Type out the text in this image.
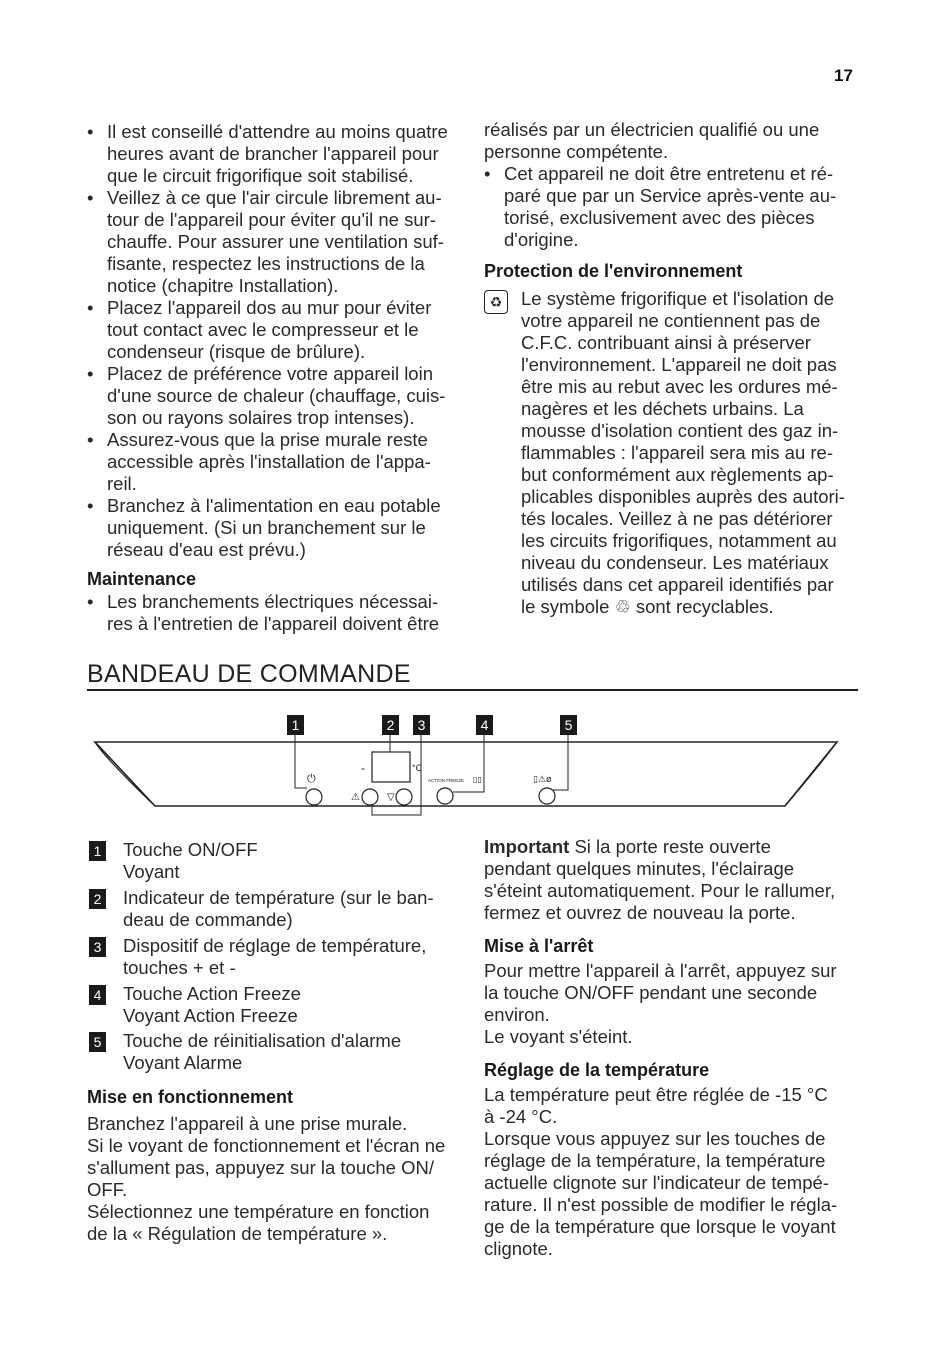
17
• Il est conseillé d'attendre au moins quatre
heures avant de brancher l'appareil pour
que le circuit frigorifique soit stabilisé.
• Veillez à ce que l'air circule librement au-
tour de l'appareil pour éviter qu'il ne sur-
chauffe. Pour assurer une ventilation suf-
fisante, respectez les instructions de la
notice (chapitre Installation).
• Placez l'appareil dos au mur pour éviter
tout contact avec le compresseur et le
condenseur (risque de brûlure).
• Placez de préférence votre appareil loin
d'une source de chaleur (chauffage, cuis-
son ou rayons solaires trop intenses).
• Assurez-vous que la prise murale reste
accessible après l'installation de l'appa-
reil.
• Branchez à l'alimentation en eau potable
uniquement. (Si un branchement sur le
réseau d'eau est prévu.)
Maintenance
• Les branchements électriques nécessai-
res à l'entretien de l'appareil doivent être
réalisés par un électricien qualifié ou une
personne compétente.
• Cet appareil ne doit être entretenu et ré-
paré que par un Service après-vente au-
torisé, exclusivement avec des pièces
d'origine.
Protection de l'environnement
♻	Le système frigorifique et l'isolation de
votre appareil ne contiennent pas de
C.F.C. contribuant ainsi à préserver
l'environnement. L'appareil ne doit pas
être mis au rebut avec les ordures mé-
nagères et les déchets urbains. La
mousse d'isolation contient des gaz in-
flammables : l'appareil sera mis au re-
but conformément aux règlements ap-
plicables disponibles auprès des autori-
tés locales. Veillez à ne pas détériorer
les circuits frigorifiques, notamment au
niveau du condenseur. Les matériaux
utilisés dans cet appareil identifiés par
le symbole ♲ sont recyclables.
BANDEAU DE COMMANDE
1	2 3	4	5
⏻
-	°C
⚠	▽
ACTION FREEZE ▯▯	▯⚠ø
1 Touche ON/OFF
Voyant
2 Indicateur de température (sur le ban-
deau de commande)
3 Dispositif de réglage de température,
touches + et -
4 Touche Action Freeze
Voyant Action Freeze
5 Touche de réinitialisation d'alarme
Voyant Alarme
Mise en fonctionnement
Branchez l'appareil à une prise murale.
Si le voyant de fonctionnement et l'écran ne
s'allument pas, appuyez sur la touche ON/
OFF.
Sélectionnez une température en fonction
de la « Régulation de température ».
Important Si la porte reste ouverte
pendant quelques minutes, l'éclairage
s'éteint automatiquement. Pour le rallumer,
fermez et ouvrez de nouveau la porte.
Mise à l'arrêt
Pour mettre l'appareil à l'arrêt, appuyez sur
la touche ON/OFF pendant une seconde
environ.
Le voyant s'éteint.
Réglage de la température
La température peut être réglée de -15 °C
à -24 °C.
Lorsque vous appuyez sur les touches de
réglage de la température, la température
actuelle clignote sur l'indicateur de tempé-
rature. Il n'est possible de modifier le régla-
ge de la température que lorsque le voyant
clignote.
